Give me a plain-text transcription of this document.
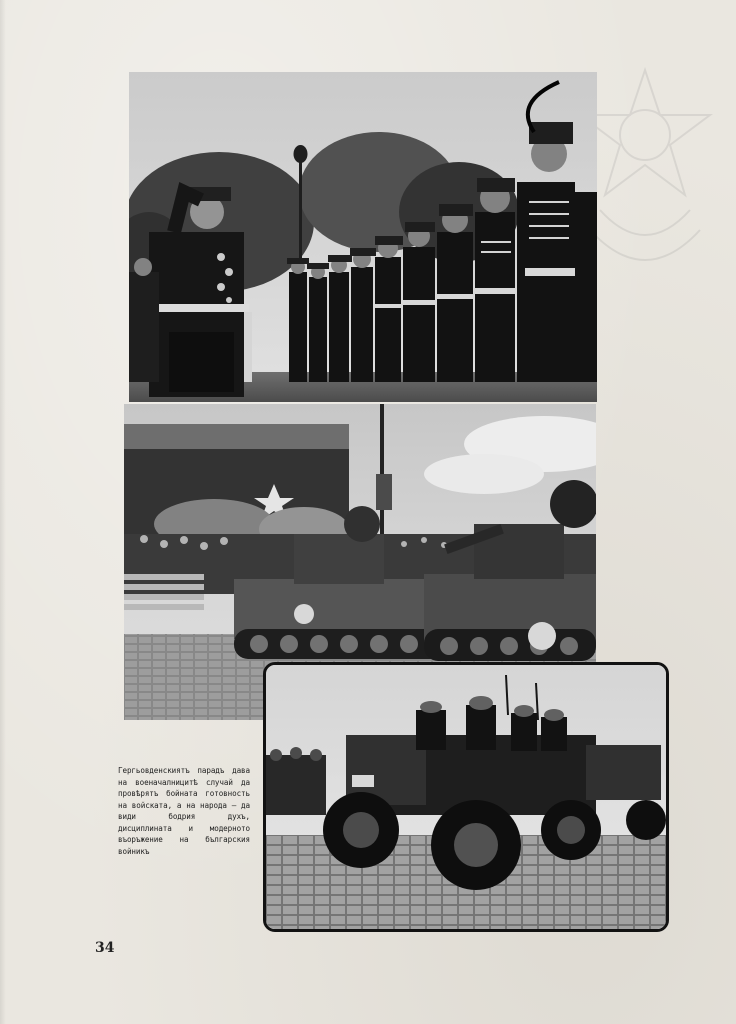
Гергьовденскиятъ парадъ дава на военачалницитѣ случай да провѣрятъ бойната готовность на войската, а на народа — да види бодрия духъ, дисциплината и модерното въоръжение на българския войникъ
34
